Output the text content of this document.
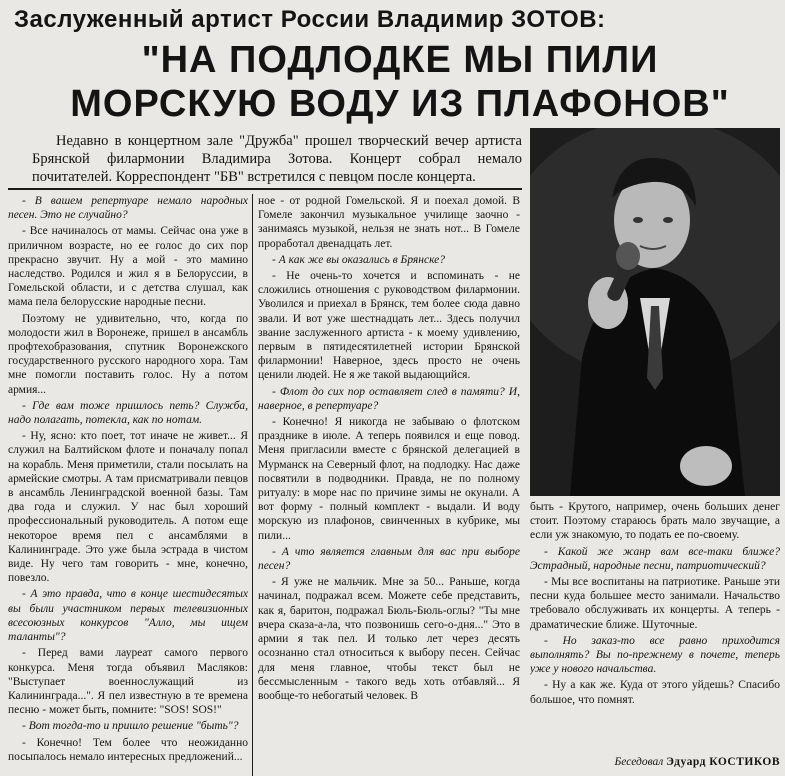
Заслуженный артист России Владимир ЗОТОВ:
"НА ПОДЛОДКЕ МЫ ПИЛИ
МОРСКУЮ ВОДУ ИЗ ПЛАФОНОВ"
Недавно в концертном зале "Дружба" прошел творческий вечер артиста Брянской филармонии Владимира Зотова. Концерт собрал немало почитателей. Корреспондент "БВ" встретился с певцом после концерта.

- В вашем репертуаре немало народных песен. Это не случайно?

- Все начиналось от мамы. Сейчас она уже в приличном возрасте, но ее голос до сих пор прекрасно звучит. Ну а мой - это мамино наследство. Родился и жил я в Белоруссии, в Гомельской области, и с детства слушал, как мама пела белорусские народные песни.

Поэтому не удивительно, что, когда по молодости жил в Воронеже, пришел в ансамбль профтехобразования, спутник Воронежского государственного русского народного хора. Там мне помогли поставить голос. Ну а потом армия...

- Где вам тоже пришлось петь? Служба, надо полагать, потекла, как по нотам.

- Ну, ясно: кто поет, тот иначе не живет... Я служил на Балтийском флоте и поначалу попал на корабль. Меня приметили, стали посылать на армейские смотры. А там присматривали певцов в ансамбль Ленинградской военной базы. Там два года и служил. У нас был хороший профессиональный руководитель. А потом еще некоторое время пел с ансамблями в Калининграде. Это уже была эстрада в чистом виде. Ну чего там говорить - мне, конечно, повезло.

- А это правда, что в конце шестидесятых вы были участником первых телевизионных всесоюзных конкурсов "Алло, мы ищем таланты"?

- Перед вами лауреат самого первого конкурса. Меня тогда объявил Масляков: "Выступает военнослужащий из Калининграда...". Я пел известную в те времена песню - может быть, помните: "SOS! SOS!"

- Вот тогда-то и пришло решение "быть"?

- Конечно! Тем более что неожиданно посыпалось немало интересных предложений...

ное - от родной Гомельской. Я и поехал домой. В Гомеле закончил музыкальное училище заочно - занимаясь музыкой, нельзя не знать нот... В Гомеле проработал двенадцать лет.

- А как же вы оказались в Брянске?

- Не очень-то хочется и вспоминать - не сложились отношения с руководством филармонии. Уволился и приехал в Брянск, тем более сюда давно звали. И вот уже шестнадцать лет... Здесь получил звание заслуженного артиста - к моему удивлению, первым в пятидесятилетней истории Брянской филармонии! Наверное, здесь просто не очень ценили людей. Не я же такой выдающийся.

- Флот до сих пор оставляет след в памяти? И, наверное, в репертуаре?

- Конечно! Я никогда не забываю о флотском празднике в июле. А теперь появился и еще повод. Меня пригласили вместе с брянской делегацией в Мурманск на Северный флот, на подлодку. Нас даже посвятили в подводники. Правда, не по полному ритуалу: в море нас по причине зимы не окунали. А вот форму - полный комплект - выдали. И воду морскую из плафонов, свинченных в кубрике, мы пили...

- А что является главным для вас при выборе песен?

- Я уже не мальчик. Мне за 50... Раньше, когда начинал, подражал всем. Можете себе представить, как я, баритон, подражал Бюль-Бюль-оглы? "Ты мне вчера сказа-а-ла, что позвонишь сего-о-дня..." Это в армии я так пел. И только лет через десять осознанно стал относиться к выбору песен. Сейчас для меня главное, чтобы текст был не бессмысленным - такого ведь хоть отбавляй... Я вообще-то небогатый человек. В

быть - Крутого, например, очень больших денег стоит. Поэтому стараюсь брать мало звучащие, а если уж знакомую, то подать ее по-своему.

- Какой же жанр вам все-таки ближе? Эстрадный, народные песни, патриотический?

- Мы все воспитаны на патриотике. Раньше эти песни куда большее место занимали. Начальство требовало обслуживать их концерты. А теперь - драматические ближе. Шуточные.

- Но заказ-то все равно приходится выполнять? Вы по-прежнему в почете, теперь уже у нового начальства.

- Ну а как же. Куда от этого уйдешь? Спасибо большое, что помнят.

Беседовал Эдуард КОСТИКОВ
